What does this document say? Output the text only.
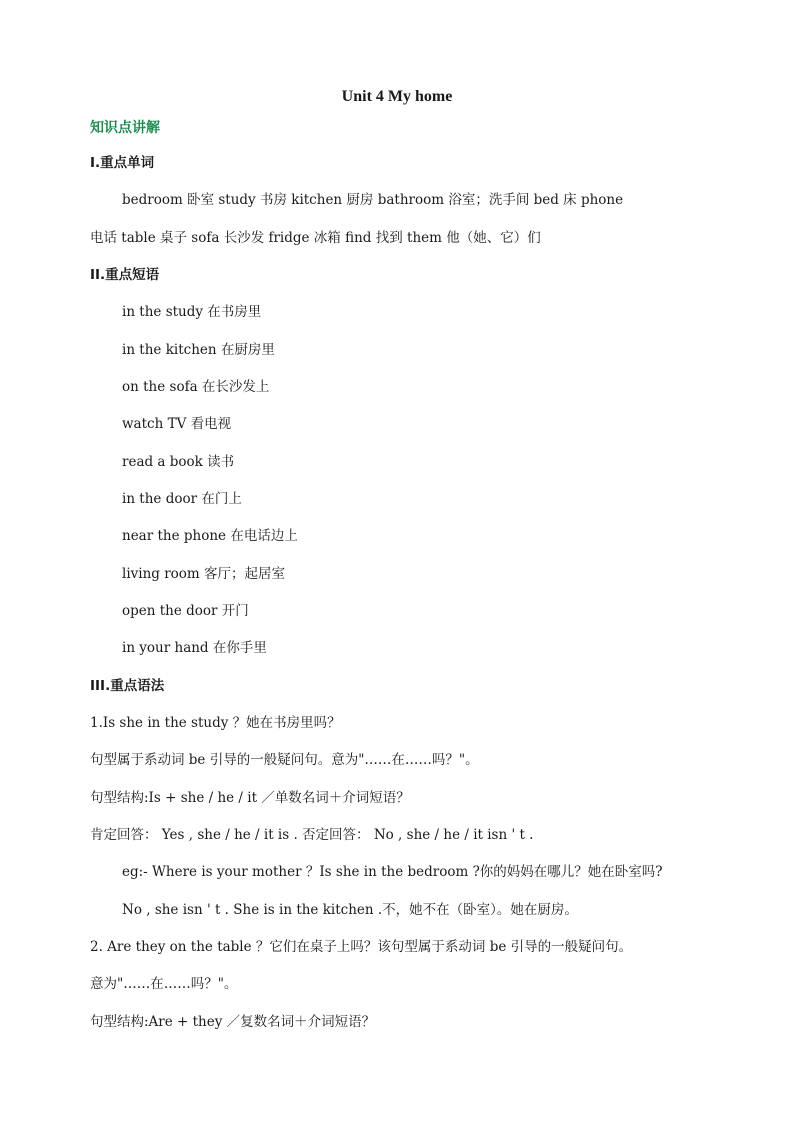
Unit 4 My home
知识点讲解
I.重点单词
bedroom 卧室 study 书房 kitchen 厨房 bathroom 浴室；洗手间 bed 床 phone
电话 table 桌子 sofa 长沙发 fridge 冰箱 find 找到 them 他（她、它）们
II.重点短语
in the study 在书房里
in the kitchen 在厨房里
on the sofa 在长沙发上
watch TV 看电视
read a book 读书
in the door 在门上
near the phone 在电话边上
living room 客厅；起居室
open the door 开门
in your hand 在你手里
III.重点语法
1.Is she in the study ？她在书房里吗？
句型属于系动词 be 引导的一般疑问句。意为"……在……吗？"。
句型结构:Is + she / he / it ／单数名词＋介词短语？
肯定回答： Yes , she / he / it is . 否定回答： No , she / he / it isn ' t .
eg:- Where is your mother ？Is she in the bedroom ?你的妈妈在哪儿？她在卧室吗?
No , she isn ' t . She is in the kitchen .不，她不在（卧室）。她在厨房。
2. Are they on the table ？它们在桌子上吗？该句型属于系动词 be 引导的一般疑问句。
意为"……在……吗？"。
句型结构:Are + they ／复数名词＋介词短语？
